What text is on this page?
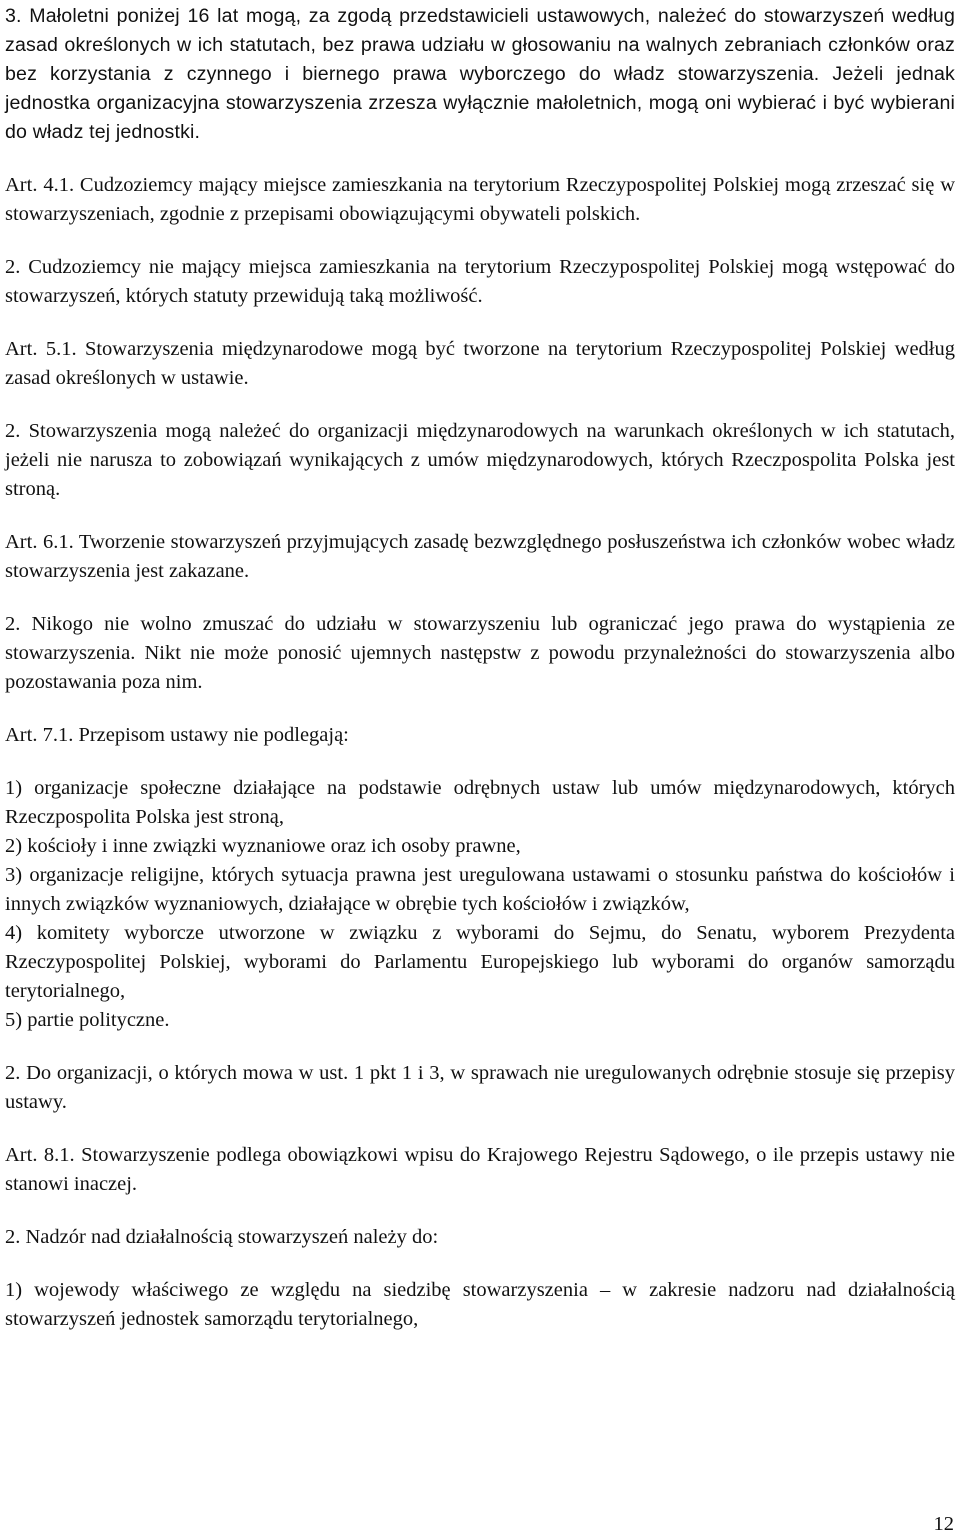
3. Małoletni poniżej 16 lat mogą, za zgodą przedstawicieli ustawowych, należeć do stowarzyszeń według zasad określonych w ich statutach, bez prawa udziału w głosowaniu na walnych zebraniach członków oraz bez korzystania z czynnego i biernego prawa wyborczego do władz stowarzyszenia. Jeżeli jednak jednostka organizacyjna stowarzyszenia zrzesza wyłącznie małoletnich, mogą oni wybierać i być wybierani do władz tej jednostki.

Art. 4.1. Cudzoziemcy mający miejsce zamieszkania na terytorium Rzeczypospolitej Polskiej mogą zrzeszać się w stowarzyszeniach, zgodnie z przepisami obowiązującymi obywateli polskich.

2. Cudzoziemcy nie mający miejsca zamieszkania na terytorium Rzeczypospolitej Polskiej mogą wstępować do stowarzyszeń, których statuty przewidują taką możliwość.

Art. 5.1. Stowarzyszenia międzynarodowe mogą być tworzone na terytorium Rzeczypospolitej Polskiej według zasad określonych w ustawie.

2. Stowarzyszenia mogą należeć do organizacji międzynarodowych na warunkach określonych w ich statutach, jeżeli nie narusza to zobowiązań wynikających z umów międzynarodowych, których Rzeczpospolita Polska jest stroną.

Art. 6.1. Tworzenie stowarzyszeń przyjmujących zasadę bezwzględnego posłuszeństwa ich członków wobec władz stowarzyszenia jest zakazane.

2. Nikogo nie wolno zmuszać do udziału w stowarzyszeniu lub ograniczać jego prawa do wystąpienia ze stowarzyszenia. Nikt nie może ponosić ujemnych następstw z powodu przynależności do stowarzyszenia albo pozostawania poza nim.

Art. 7.1. Przepisom ustawy nie podlegają:

1) organizacje społeczne działające na podstawie odrębnych ustaw lub umów międzynarodowych, których Rzeczpospolita Polska jest stroną,

2) kościoły i inne związki wyznaniowe oraz ich osoby prawne,

3) organizacje religijne, których sytuacja prawna jest uregulowana ustawami o stosunku państwa do kościołów i innych związków wyznaniowych, działające w obrębie tych kościołów i związków,

4) komitety wyborcze utworzone w związku z wyborami do Sejmu, do Senatu, wyborem Prezydenta Rzeczypospolitej Polskiej, wyborami do Parlamentu Europejskiego lub wyborami do organów samorządu terytorialnego,

5) partie polityczne.

2. Do organizacji, o których mowa w ust. 1 pkt 1 i 3, w sprawach nie uregulowanych odrębnie stosuje się przepisy ustawy.

Art. 8.1. Stowarzyszenie podlega obowiązkowi wpisu do Krajowego Rejestru Sądowego, o ile przepis ustawy nie stanowi inaczej.

2. Nadzór nad działalnością stowarzyszeń należy do:

1) wojewody właściwego ze względu na siedzibę stowarzyszenia – w zakresie nadzoru nad działalnością stowarzyszeń jednostek samorządu terytorialnego,

12
